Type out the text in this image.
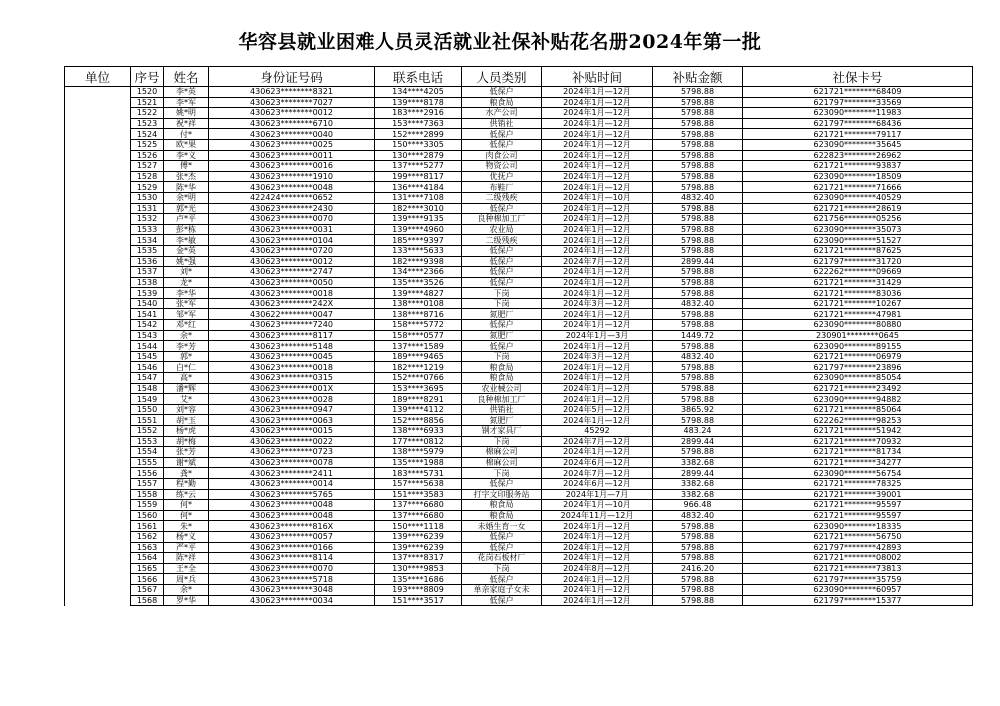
华容县就业困难人员灵活就业社保补贴花名册2024年第一批
单位	序号	姓名	身份证号码	联系电话	人员类别	补贴时间	补贴金额	社保卡号
	1520	李*英	430623********8321	134****4205	低保户	2024年1月—12月	5798.88	621721********68409
	1521	李*军	430623********7027	139****8178	粮食局	2024年1月—12月	5798.88	621797********33569
	1522	姚*明	430623********0012	183****2916	水产公司	2024年1月—12月	5798.88	623090********11983
	1523	祝*祥	430623********6710	153****7363	供销社	2024年1月—12月	5798.88	621797********68436
	1524	付*	430623********0040	152****2899	低保户	2024年1月—12月	5798.88	621721********79117
	1525	欧*果	430623********0025	150****3305	低保户	2024年1月—12月	5798.88	623090********35645
	1526	李*义	430623********0011	130****2879	肉食公司	2024年1月—12月	5798.88	622823********26962
	1527	傅*	430623********0016	137****5277	物资公司	2024年1月—12月	5798.88	621721********93837
	1528	张*杰	430623********1910	199****8117	优抚户	2024年1月—12月	5798.88	623090********18509
	1529	陈*华	430623********0048	136****4184	布鞋厂	2024年1月—12月	5798.88	621721********71666
	1530	余*明	422424********0652	131****7108	二级残疾	2024年1月—10月	4832.40	623090********40529
	1531	郭*光	430623********2430	182****3010	低保户	2024年1月—12月	5798.88	621721********28619
	1532	卢*平	430623********0070	139****9135	良种棉加工厂	2024年1月—12月	5798.88	621756********05256
	1533	彭*栋	430623********0031	139****4960	农业局	2024年1月—12月	5798.88	623090********35073
	1534	李*敏	430623********0104	185****9397	二级残疾	2024年1月—12月	5798.88	623090********51527
	1535	金*英	430623********0720	133****5633	低保户	2024年1月—12月	5798.88	621721********87625
	1536	姚*强	430623********0012	182****9398	低保户	2024年7月—12月	2899.44	621797********31720
	1537	刘*	430623********2747	134****2366	低保户	2024年1月—12月	5798.88	622262********09669
	1538	龙*	430623********0050	135****3526	低保户	2024年1月—12月	5798.88	621721********31429
	1539	李*华	430623********0018	139****4827	下岗	2024年1月—12月	5798.88	621721********83036
	1540	张*军	430623********242X	138****0108	下岗	2024年3月—12月	4832.40	621721********10267
	1541	邹*军	430622********0047	138****8716	氮肥厂	2024年1月—12月	5798.88	621721********47981
	1542	邓*红	430623********7240	158****5772	低保户	2024年1月—12月	5798.88	623090********80880
	1543	余*	430623********8117	158****0577	氮肥厂	2024年1月—3月	1449.72	230901********0645
	1544	李*芳	430623********5148	137****1589	低保户	2024年1月—12月	5798.88	623090********89155
	1545	郭*	430623********0045	189****9465	下岗	2024年3月—12月	4832.40	621721********06979
	1546	白*仁	430623********0018	182****1219	粮食局	2024年1月—12月	5798.88	621797********23896
	1547	高*	430623********0315	152****0766	粮食局	2024年1月—12月	5798.88	623090********85054
	1548	潘*辉	430623********001X	153****3695	农业械公司	2024年1月—12月	5798.88	621721********23492
	1549	艾*	430623********0028	189****8291	良种棉加工厂	2024年1月—12月	5798.88	623090********94882
	1550	刘*容	430623********0947	139****4112	供销社	2024年5月—12月	3865.92	621721********85064
	1551	胡*玉	430623********0063	152****8856	氮肥厂	2024年1月—12月	5798.88	622262********98253
	1552	杨*虎	430623********0015	138****6933	钢才家具厂	45292	483.24	621721********51942
	1553	胡*梅	430623********0022	177****0812	下岗	2024年7月—12月	2899.44	621721********70932
	1554	张*芳	430623********0723	138****5979	棉麻公司	2024年1月—12月	5798.88	621721********81734
	1555	谢*斌	430623********0078	135****1988	棉麻公司	2024年6月—12月	3382.68	621721********34277
	1556	龚*	430623********2411	183****5731	下岗	2024年7月—12月	2899.44	623090********56754
	1557	程*勤	430623********0014	157****5638	低保户	2024年6月—12月	3382.68	621721********78325
	1558	练*云	430623********5765	151****3583	打字文印服务站	2024年1月—7月	3382.68	621721********39001
	1559	何*	430623********0048	137****6680	粮食局	2024年1月—10月	966.48	621721********95597
	1560	何*	430623********0048	137****6680	粮食局	2024年11月—12月	4832.40	621721********95597
	1561	朱*	430623********816X	150****1118	未婚生育一女	2024年1月—12月	5798.88	623090********18335
	1562	杨*义	430623********0057	139****6239	低保户	2024年1月—12月	5798.88	621721********56750
	1563	严*平	430623********0166	139****6239	低保户	2024年1月—12月	5798.88	621797********42893
	1564	陈*祥	430623********8114	137****8317	花岗石板材厂	2024年1月—12月	5798.88	621721********08002
	1565	王*全	430623********0070	130****9853	下岗	2024年8月—12月	2416.20	621721********73813
	1566	周*兵	430623********5718	135****1686	低保户	2024年1月—12月	5798.88	621797********35759
	1567	余*	430623********3048	193****8809	单亲家庭子女未	2024年1月—12月	5798.88	623090********60957
	1568	罗*华	430623********0034	151****3517	低保户	2024年1月—12月	5798.88	621797********15377
